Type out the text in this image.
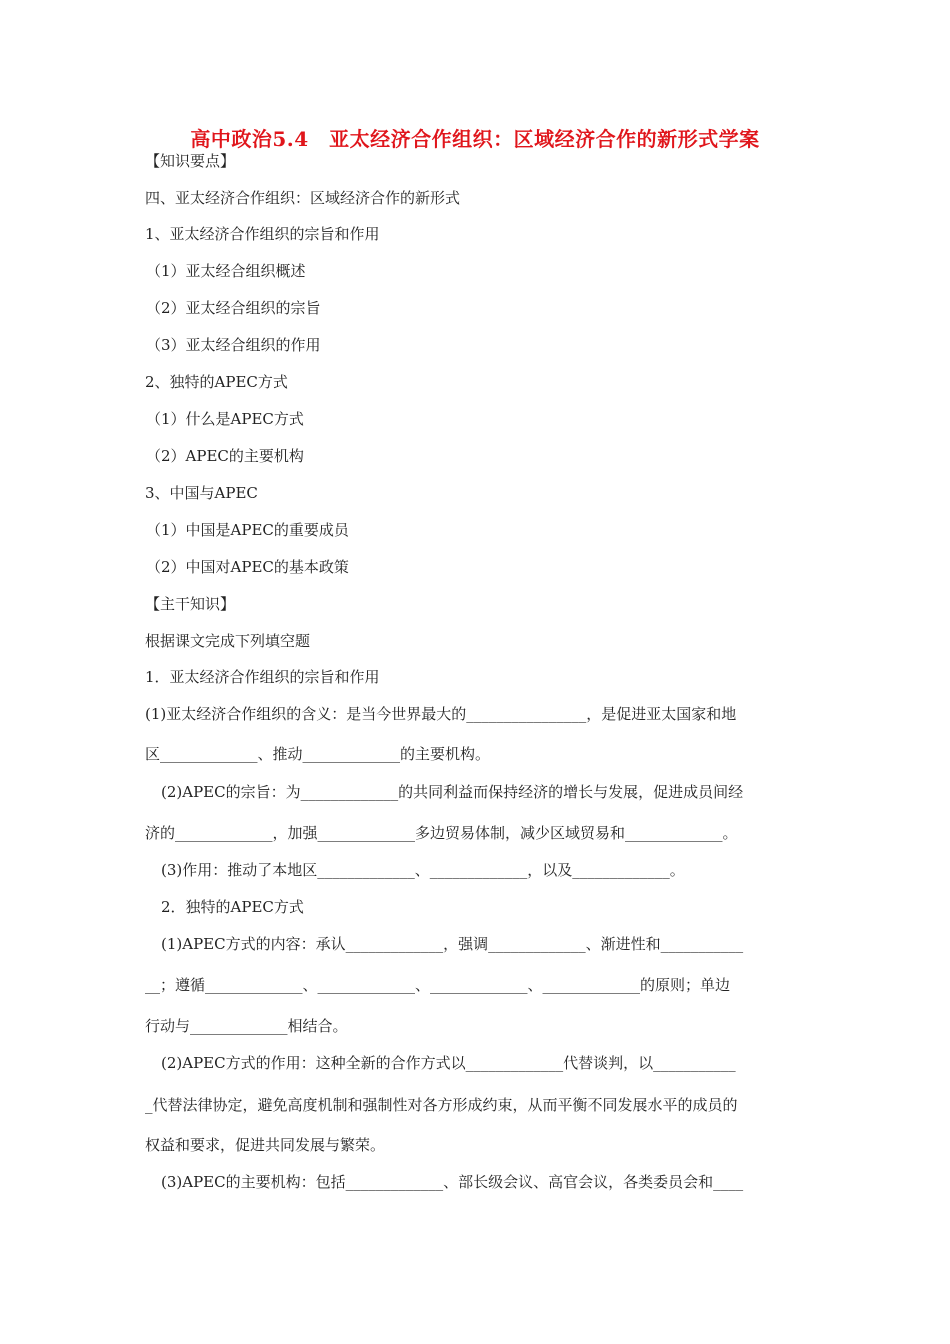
高中政治5.4　亚太经济合作组织：区域经济合作的新形式学案
【知识要点】
四、亚太经济合作组织：区域经济合作的新形式
1、亚太经济合作组织的宗旨和作用
（1）亚太经合组织概述
（2）亚太经合组织的宗旨
（3）亚太经合组织的作用
2、独特的APEC方式
（1）什么是APEC方式
（2）APEC的主要机构
3、中国与APEC
（1）中国是APEC的重要成员
（2）中国对APEC的基本政策
【主干知识】
根据课文完成下列填空题
1．亚太经济合作组织的宗旨和作用
(1)亚太经济合作组织的含义：是当今世界最大的________________，是促进亚太国家和地
区_____________、推动_____________的主要机构。
(2)APEC的宗旨：为_____________的共同利益而保持经济的增长与发展，促进成员间经
济的_____________，加强_____________多边贸易体制，减少区域贸易和_____________。
(3)作用：推动了本地区_____________、_____________，以及_____________。
2．独特的APEC方式
(1)APEC方式的内容：承认_____________，强调_____________、渐进性和___________
__；遵循_____________、_____________、_____________、_____________的原则；单边
行动与_____________相结合。
(2)APEC方式的作用：这种全新的合作方式以_____________代替谈判，以___________
_代替法律协定，避免高度机制和强制性对各方形成约束，从而平衡不同发展水平的成员的
权益和要求，促进共同发展与繁荣。
(3)APEC的主要机构：包括_____________、部长级会议、高官会议，各类委员会和____
